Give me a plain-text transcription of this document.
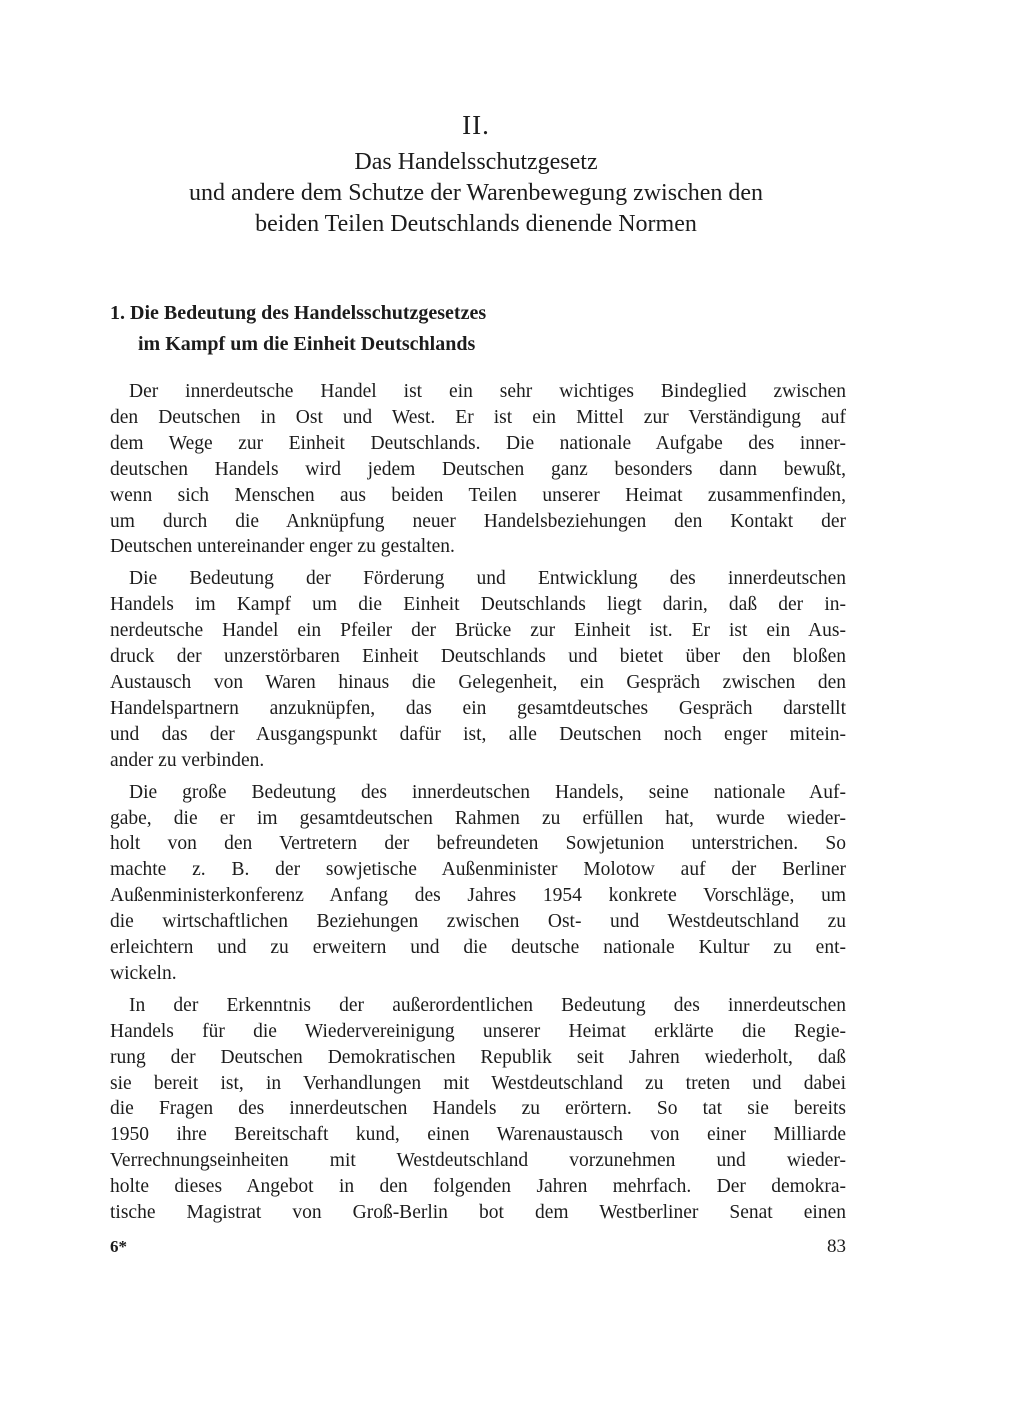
II.
Das Handelsschutzgesetz
und andere dem Schutze der Warenbewegung zwischen den
beiden Teilen Deutschlands dienende Normen
1. Die Bedeutung des Handelsschutzgesetzes
im Kampf um die Einheit Deutschlands

Der innerdeutsche Handel ist ein sehr wichtiges Bindeglied zwischen
den Deutschen in Ost und West. Er ist ein Mittel zur Verständigung auf
dem Wege zur Einheit Deutschlands. Die nationale Aufgabe des inner-
deutschen Handels wird jedem Deutschen ganz besonders dann bewußt,
wenn sich Menschen aus beiden Teilen unserer Heimat zusammenfinden,
um durch die Anknüpfung neuer Handelsbeziehungen den Kontakt der
Deutschen untereinander enger zu gestalten.

Die Bedeutung der Förderung und Entwicklung des innerdeutschen
Handels im Kampf um die Einheit Deutschlands liegt darin, daß der in-
nerdeutsche Handel ein Pfeiler der Brücke zur Einheit ist. Er ist ein Aus-
druck der unzerstörbaren Einheit Deutschlands und bietet über den bloßen
Austausch von Waren hinaus die Gelegenheit, ein Gespräch zwischen den
Handelspartnern anzuknüpfen, das ein gesamtdeutsches Gespräch darstellt
und das der Ausgangspunkt dafür ist, alle Deutschen noch enger mitein-
ander zu verbinden.

Die große Bedeutung des innerdeutschen Handels, seine nationale Auf-
gabe, die er im gesamtdeutschen Rahmen zu erfüllen hat, wurde wieder-
holt von den Vertretern der befreundeten Sowjetunion unterstrichen. So
machte z. B. der sowjetische Außenminister Molotow auf der Berliner
Außenministerkonferenz Anfang des Jahres 1954 konkrete Vorschläge, um
die wirtschaftlichen Beziehungen zwischen Ost- und Westdeutschland zu
erleichtern und zu erweitern und die deutsche nationale Kultur zu ent-
wickeln.

In der Erkenntnis der außerordentlichen Bedeutung des innerdeutschen
Handels für die Wiedervereinigung unserer Heimat erklärte die Regie-
rung der Deutschen Demokratischen Republik seit Jahren wiederholt, daß
sie bereit ist, in Verhandlungen mit Westdeutschland zu treten und dabei
die Fragen des innerdeutschen Handels zu erörtern. So tat sie bereits
1950 ihre Bereitschaft kund, einen Warenaustausch von einer Milliarde
Verrechnungseinheiten mit Westdeutschland vorzunehmen und wieder-
holte dieses Angebot in den folgenden Jahren mehrfach. Der demokra-
tische Magistrat von Groß-Berlin bot dem Westberliner Senat einen

6*	83
